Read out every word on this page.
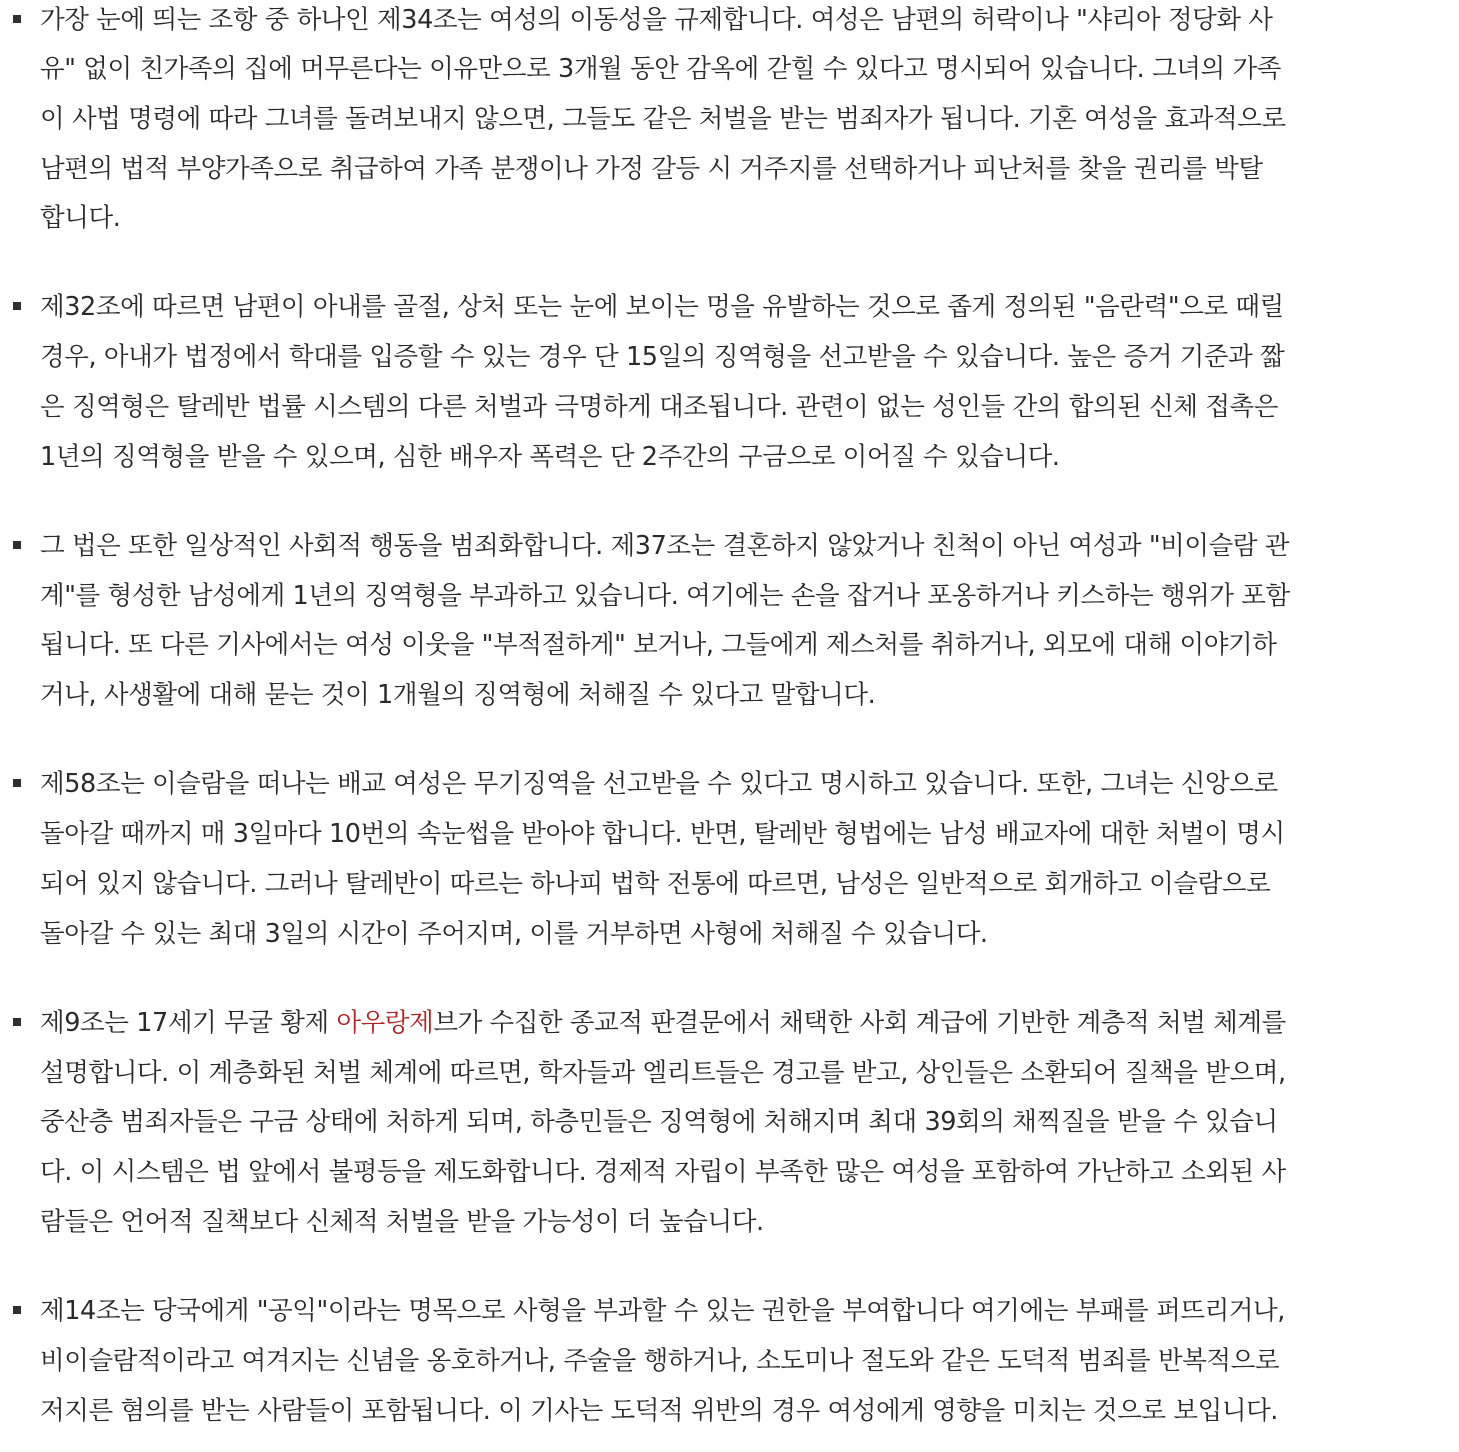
가장 눈에 띄는 조항 중 하나인 제34조는 여성의 이동성을 규제합니다. 여성은 남편의 허락이나 "샤리아 정당화 사
유" 없이 친가족의 집에 머무른다는 이유만으로 3개월 동안 감옥에 갇힐 수 있다고 명시되어 있습니다. 그녀의 가족
이 사법 명령에 따라 그녀를 돌려보내지 않으면, 그들도 같은 처벌을 받는 범죄자가 됩니다. 기혼 여성을 효과적으로
남편의 법적 부양가족으로 취급하여 가족 분쟁이나 가정 갈등 시 거주지를 선택하거나 피난처를 찾을 권리를 박탈
합니다.
제32조에 따르면 남편이 아내를 골절, 상처 또는 눈에 보이는 멍을 유발하는 것으로 좁게 정의된 "음란력"으로 때릴
경우, 아내가 법정에서 학대를 입증할 수 있는 경우 단 15일의 징역형을 선고받을 수 있습니다. 높은 증거 기준과 짧
은 징역형은 탈레반 법률 시스템의 다른 처벌과 극명하게 대조됩니다. 관련이 없는 성인들 간의 합의된 신체 접촉은
1년의 징역형을 받을 수 있으며, 심한 배우자 폭력은 단 2주간의 구금으로 이어질 수 있습니다.
그 법은 또한 일상적인 사회적 행동을 범죄화합니다. 제37조는 결혼하지 않았거나 친척이 아닌 여성과 "비이슬람 관
계"를 형성한 남성에게 1년의 징역형을 부과하고 있습니다. 여기에는 손을 잡거나 포옹하거나 키스하는 행위가 포함
됩니다. 또 다른 기사에서는 여성 이웃을 "부적절하게" 보거나, 그들에게 제스처를 취하거나, 외모에 대해 이야기하
거나, 사생활에 대해 묻는 것이 1개월의 징역형에 처해질 수 있다고 말합니다.
제58조는 이슬람을 떠나는 배교 여성은 무기징역을 선고받을 수 있다고 명시하고 있습니다. 또한, 그녀는 신앙으로
돌아갈 때까지 매 3일마다 10번의 속눈썹을 받아야 합니다. 반면, 탈레반 형법에는 남성 배교자에 대한 처벌이 명시
되어 있지 않습니다. 그러나 탈레반이 따르는 하나피 법학 전통에 따르면, 남성은 일반적으로 회개하고 이슬람으로
돌아갈 수 있는 최대 3일의 시간이 주어지며, 이를 거부하면 사형에 처해질 수 있습니다.
제9조는 17세기 무굴 황제 아우랑제브가 수집한 종교적 판결문에서 채택한 사회 계급에 기반한 계층적 처벌 체계를
설명합니다. 이 계층화된 처벌 체계에 따르면, 학자들과 엘리트들은 경고를 받고, 상인들은 소환되어 질책을 받으며,
중산층 범죄자들은 구금 상태에 처하게 되며, 하층민들은 징역형에 처해지며 최대 39회의 채찍질을 받을 수 있습니
다. 이 시스템은 법 앞에서 불평등을 제도화합니다. 경제적 자립이 부족한 많은 여성을 포함하여 가난하고 소외된 사
람들은 언어적 질책보다 신체적 처벌을 받을 가능성이 더 높습니다.
제14조는 당국에게 "공익"이라는 명목으로 사형을 부과할 수 있는 권한을 부여합니다 여기에는 부패를 퍼뜨리거나,
비이슬람적이라고 여겨지는 신념을 옹호하거나, 주술을 행하거나, 소도미나 절도와 같은 도덕적 범죄를 반복적으로
저지른 혐의를 받는 사람들이 포함됩니다. 이 기사는 도덕적 위반의 경우 여성에게 영향을 미치는 것으로 보입니다.
